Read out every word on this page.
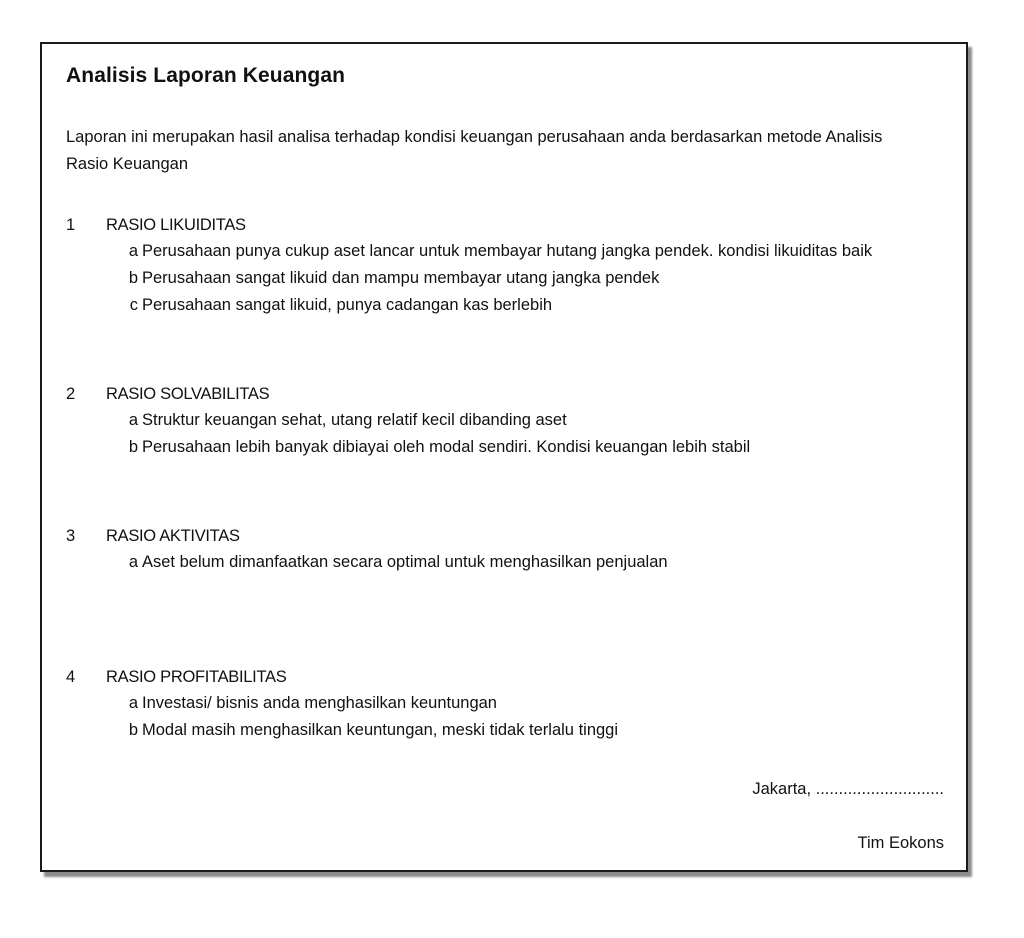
Analisis Laporan Keuangan
Laporan ini merupakan hasil analisa terhadap kondisi keuangan perusahaan anda berdasarkan metode Analisis Rasio Keuangan
1	RASIO LIKUIDITAS
a Perusahaan punya cukup aset lancar untuk membayar hutang jangka pendek. kondisi likuiditas baik
b Perusahaan sangat likuid dan mampu membayar utang jangka pendek
c Perusahaan sangat likuid, punya cadangan kas berlebih
2	RASIO SOLVABILITAS
a Struktur keuangan sehat, utang relatif kecil dibanding aset
b Perusahaan lebih banyak dibiayai oleh modal sendiri. Kondisi keuangan lebih stabil
3	RASIO AKTIVITAS
a Aset belum dimanfaatkan secara optimal untuk menghasilkan penjualan
4	RASIO PROFITABILITAS
a Investasi/ bisnis anda menghasilkan keuntungan
b Modal masih menghasilkan keuntungan, meski tidak terlalu tinggi
Jakarta, ............................
Tim Eokons
